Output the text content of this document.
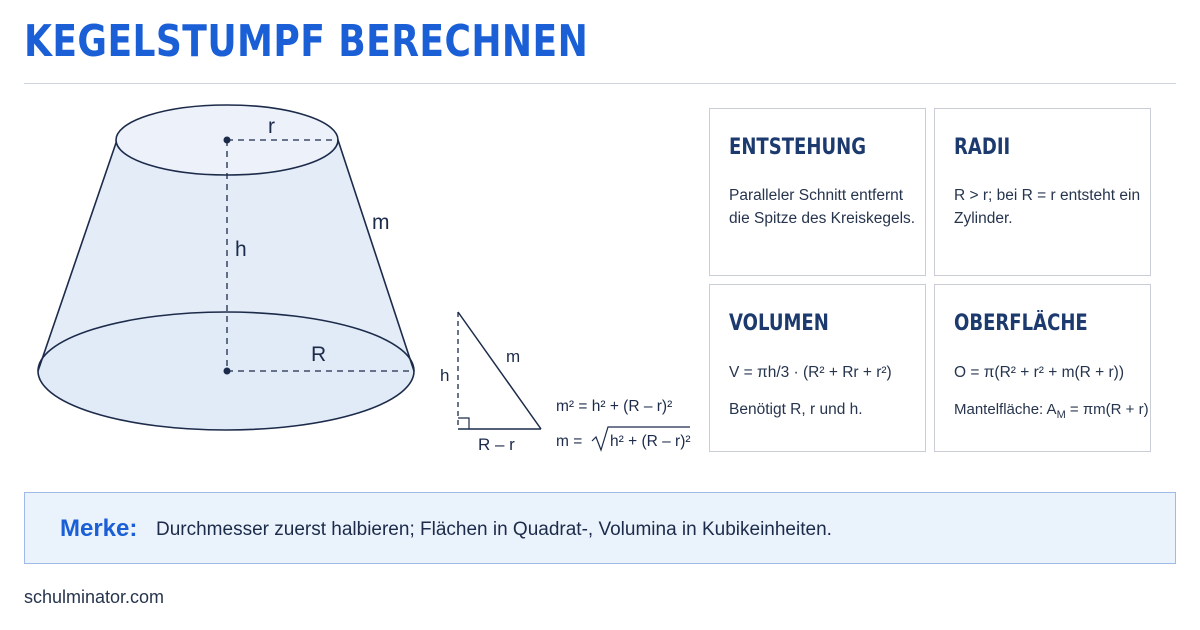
KEGELSTUMPF BERECHNEN
r
h
m
R
h
m
R – r
m² = h² + (R – r)²
m = h² + (R – r)²
ENTSTEHUNG
Paralleler Schnitt entfernt die Spitze des Kreiskegels.
RADII
R > r; bei R = r entsteht ein Zylinder.
VOLUMEN
V = πh/3 · (R² + Rr + r²)
Benötigt R, r und h.
OBERFLÄCHE
O = π(R² + r² + m(R + r))
Mantelfläche: $A_M = \pi m(R + r)$
Merke: Durchmesser zuerst halbieren; Flächen in Quadrat-, Volumina in Kubikeinheiten.
schulminator.com
